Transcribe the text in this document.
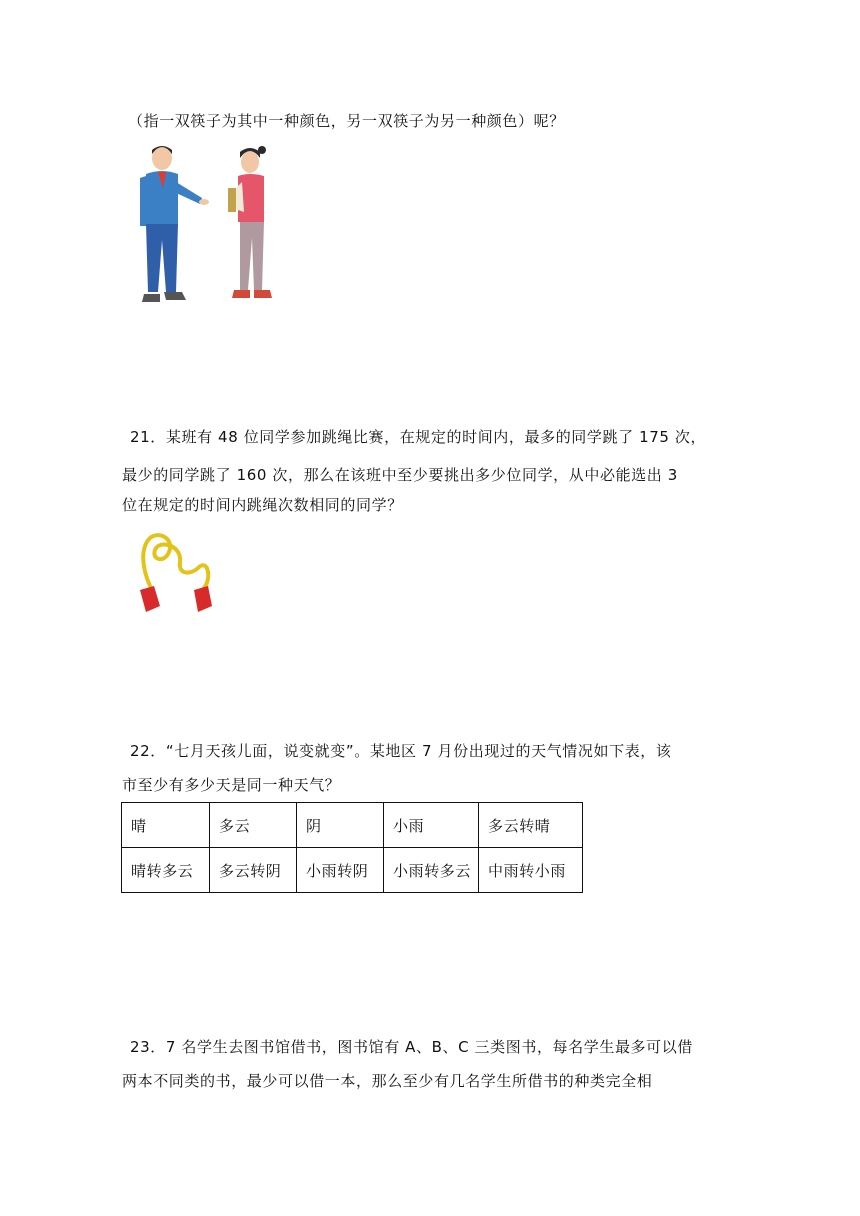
（指一双筷子为其中一种颜色，另一双筷子为另一种颜色）呢？
21．某班有 48 位同学参加跳绳比赛，在规定的时间内，最多的同学跳了 175 次，
最少的同学跳了 160 次，那么在该班中至少要挑出多少位同学，从中必能选出 3
位在规定的时间内跳绳次数相同的同学？
22．“七月天孩儿面，说变就变”。某地区 7 月份出现过的天气情况如下表，该
市至少有多少天是同一种天气？
晴	多云	阴	小雨	多云转晴
晴转多云	多云转阴	小雨转阴	小雨转多云	中雨转小雨
23．7 名学生去图书馆借书，图书馆有 A、B、C 三类图书，每名学生最多可以借
两本不同类的书，最少可以借一本，那么至少有几名学生所借书的种类完全相
